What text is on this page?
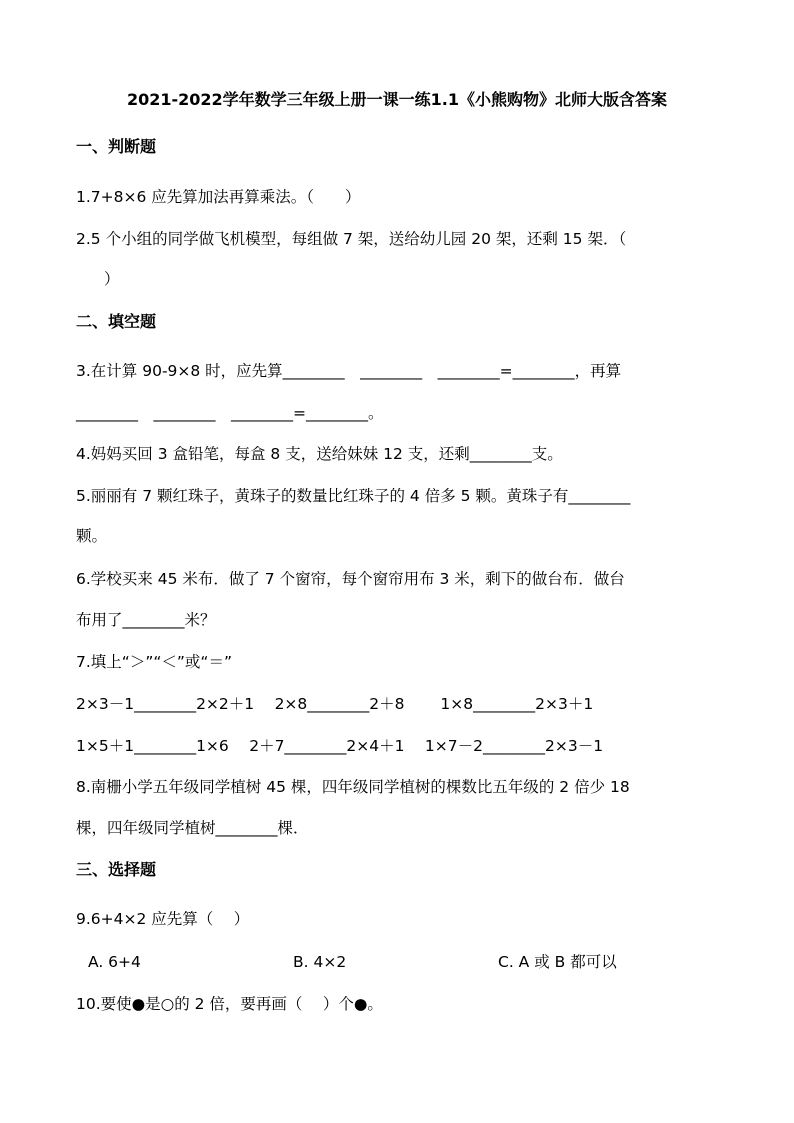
2021-2022学年数学三年级上册一课一练1.1《小熊购物》北师大版含答案
一、判断题
1.7+8×6 应先算加法再算乘法。（　　）
2.5 个小组的同学做飞机模型，每组做 7 架，送给幼儿园 20 架，还剩 15 架．（
）
二、填空题
3.在计算 90-9×8 时，应先算________　________　________=________，再算
________　________　________=________。
4.妈妈买回 3 盒铅笔，每盒 8 支，送给妹妹 12 支，还剩________支。
5.丽丽有 7 颗红珠子，黄珠子的数量比红珠子的 4 倍多 5 颗。黄珠子有________
颗。
6.学校买来 45 米布．做了 7 个窗帘，每个窗帘用布 3 米，剩下的做台布．做台
布用了________米？
7.填上“＞”“＜”或“＝”
2×3－1________2×2＋1　 2×8________2＋8　　 1×8________2×3＋1
1×5＋1________1×6　 2＋7________2×4＋1　 1×7－2________2×3－1
8.南栅小学五年级同学植树 45 棵，四年级同学植树的棵数比五年级的 2 倍少 18
棵，四年级同学植树________棵．
三、选择题
9.6+4×2 应先算（　 ）
A. 6+4	B. 4×2	C. A 或 B 都可以
10.要使●是○的 2 倍，要再画（　 ）个●。
